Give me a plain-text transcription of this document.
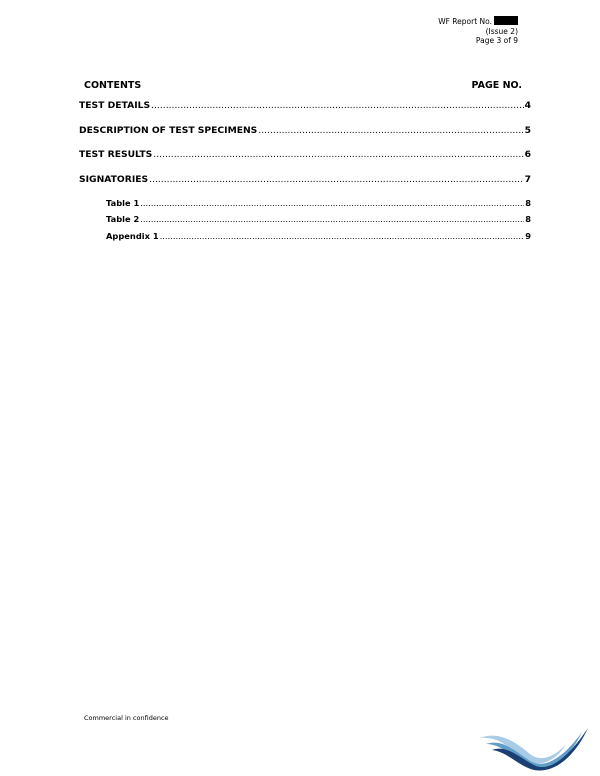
WF Report No.
(Issue 2)
Page 3 of 9
CONTENTS	PAGE NO.
TEST DETAILS .....	4
DESCRIPTION OF TEST SPECIMENS .....	5
TEST RESULTS .....	6
SIGNATORIES .....	7
Table 1 .....	8
Table 2 .....	8
Appendix 1 .....	9
Commercial in confidence
